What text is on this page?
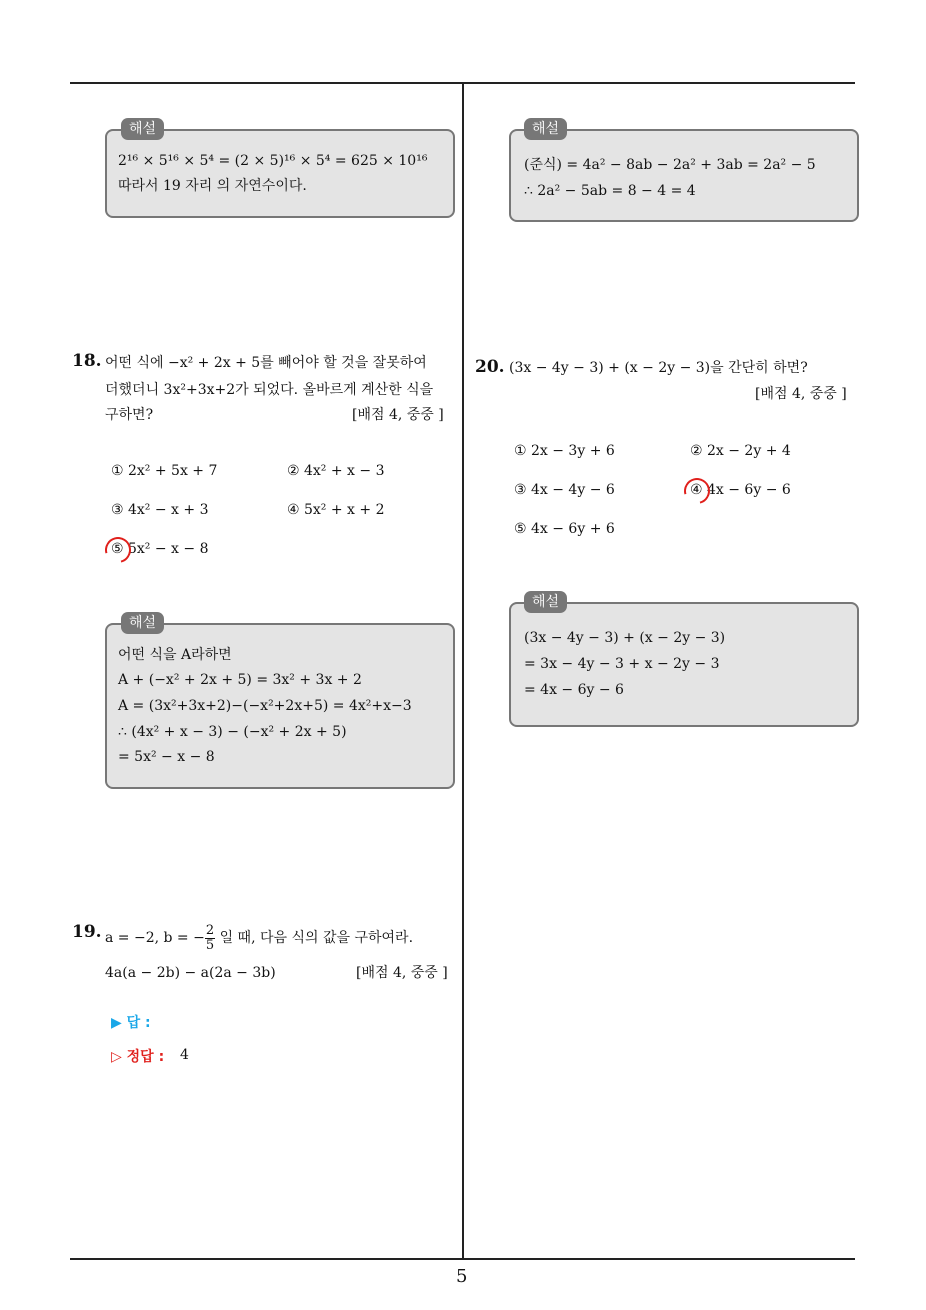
5
해설
2¹⁶ × 5¹⁶ × 5⁴ = (2 × 5)¹⁶ × 5⁴ = 625 × 10¹⁶
따라서 19 자리 의 자연수이다.
해설
(준식) = 4a² − 8ab − 2a² + 3ab = 2a² − 5
∴ 2a² − 5ab = 8 − 4 = 4
18. 어떤 식에 −x² + 2x + 5를 빼어야 할 것을 잘못하여
더했더니 3x²+3x+2가 되었다. 올바르게 계산한 식을
구하면?	[배점 4, 중중 ]
① 2x² + 5x + 7	② 4x² + x − 3
③ 4x² − x + 3	④ 5x² + x + 2
⑤ 5x² − x − 8
해설
어떤 식을 A라하면
A + (−x² + 2x + 5) = 3x² + 3x + 2
A = (3x²+3x+2)−(−x²+2x+5) = 4x²+x−3
∴ (4x² + x − 3) − (−x² + 2x + 5)
= 5x² − x − 8
19. a = −2, b = − $\frac{2}{5}$ 일 때, 다음 식의 값을 구하여라.
4a(a − 2b) − a(2a − 3b)	[배점 4, 중중 ]
▶ 답 :
▷ 정답 : 4
20. (3x − 4y − 3) + (x − 2y − 3)을 간단히 하면?
[배점 4, 중중 ]
① 2x − 3y + 6	② 2x − 2y + 4
③ 4x − 4y − 6	④ 4x − 6y − 6
⑤ 4x − 6y + 6
해설
(3x − 4y − 3) + (x − 2y − 3)
= 3x − 4y − 3 + x − 2y − 3
= 4x − 6y − 6
